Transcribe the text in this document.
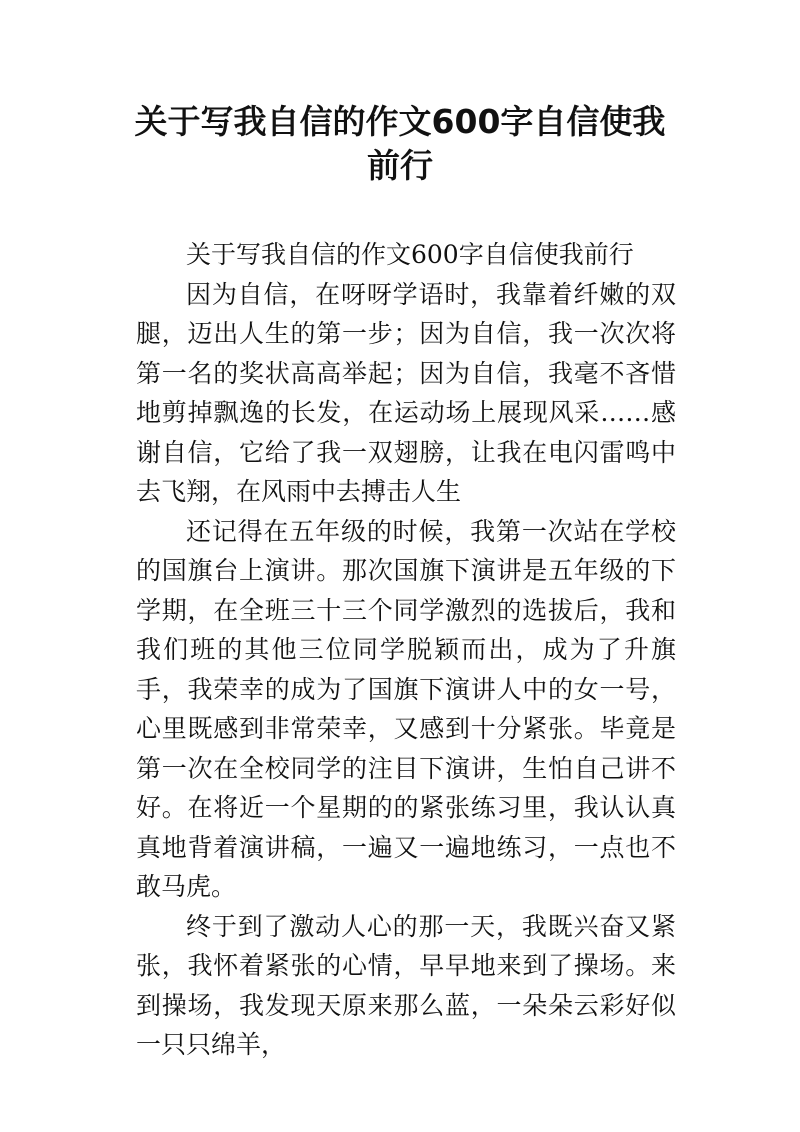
关于写我自信的作文600字自信使我
前行

关于写我自信的作文600字自信使我前行

因为自信，在呀呀学语时，我靠着纤嫩的双腿，迈出人生的第一步；因为自信，我一次次将第一名的奖状高高举起；因为自信，我毫不吝惜地剪掉飘逸的长发，在运动场上展现风采……感谢自信，它给了我一双翅膀，让我在电闪雷鸣中去飞翔，在风雨中去搏击人生

还记得在五年级的时候，我第一次站在学校的国旗台上演讲。那次国旗下演讲是五年级的下学期，在全班三十三个同学激烈的选拔后，我和我们班的其他三位同学脱颖而出，成为了升旗手，我荣幸的成为了国旗下演讲人中的女一号，心里既感到非常荣幸，又感到十分紧张。毕竟是第一次在全校同学的注目下演讲，生怕自己讲不好。在将近一个星期的的紧张练习里，我认认真真地背着演讲稿，一遍又一遍地练习，一点也不敢马虎。

终于到了激动人心的那一天，我既兴奋又紧张，我怀着紧张的心情，早早地来到了操场。来到操场，我发现天原来那么蓝，一朵朵云彩好似一只只绵羊，
